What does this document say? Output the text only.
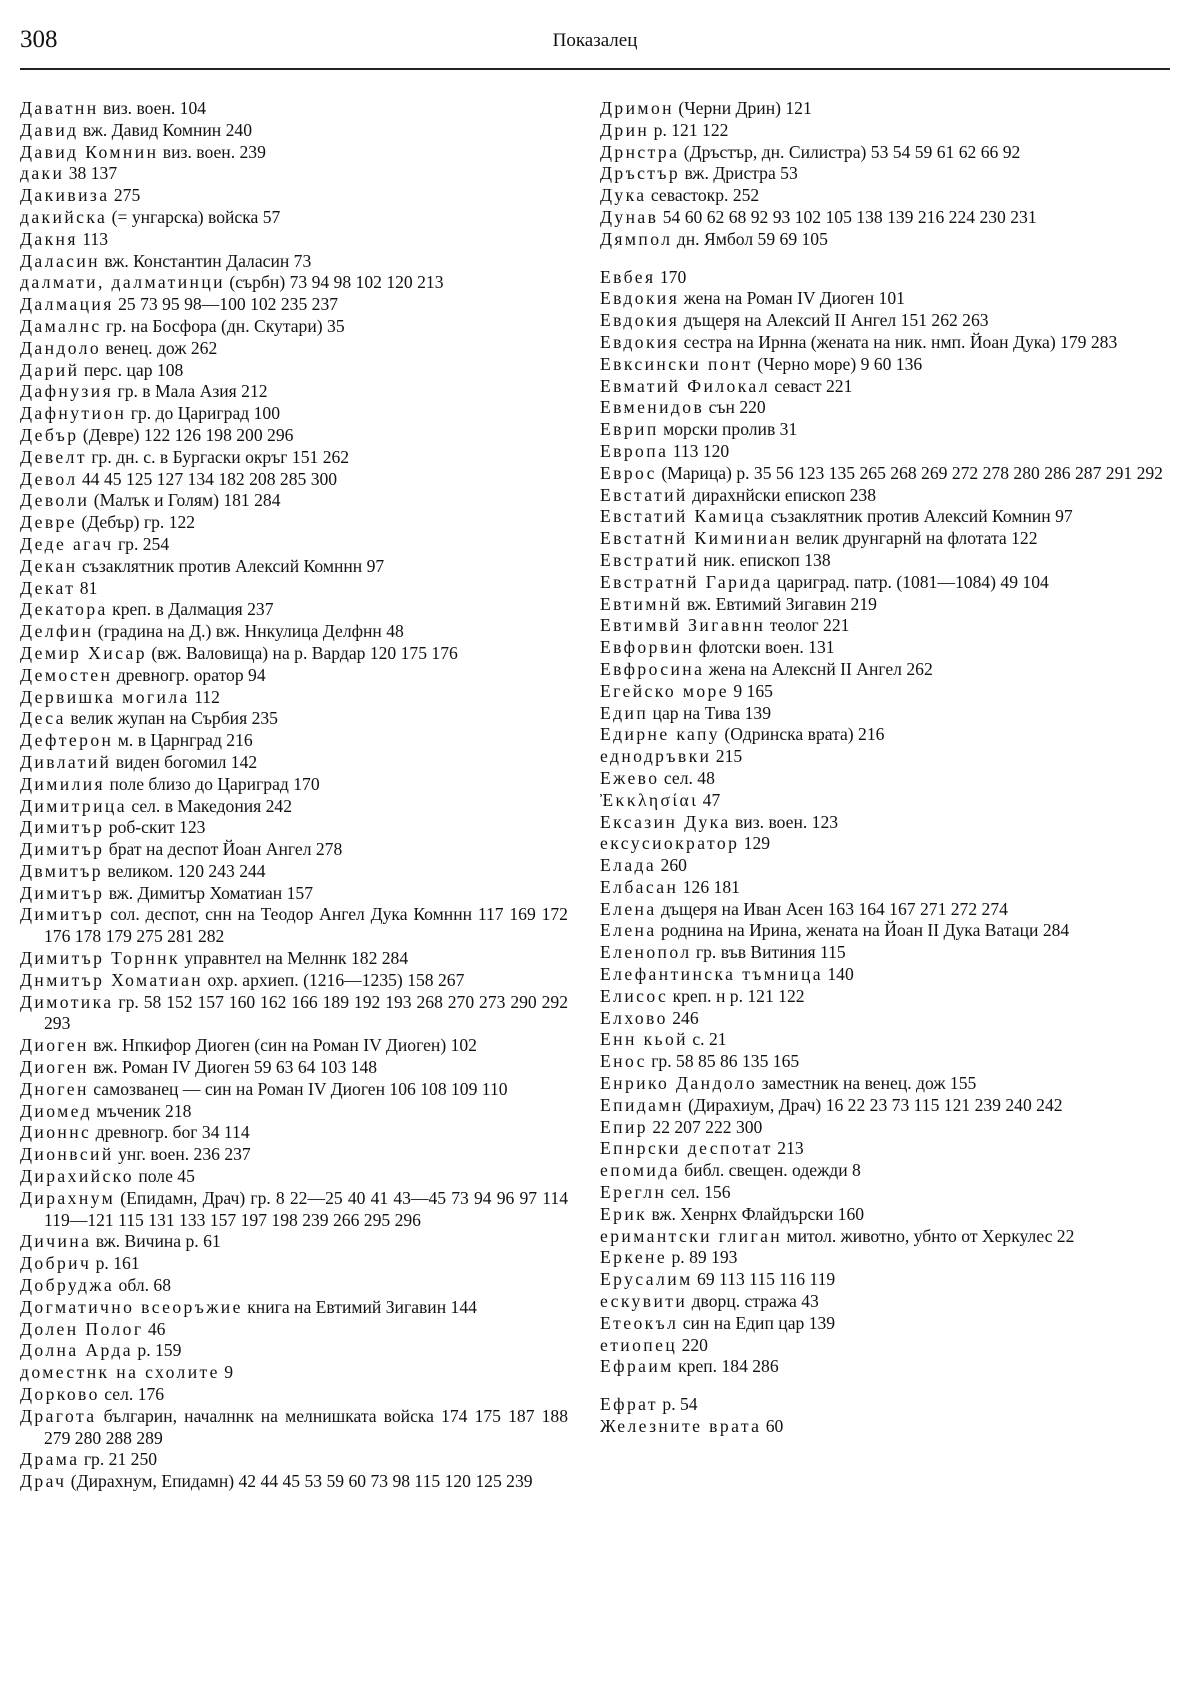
308	Показалец

Даватнн виз. воен. 104

Давид вж. Давид Комнин 240

Давид Комнин виз. воен. 239

даки 38 137

Дакивиза 275

дакийска (= унгарска) войска 57

Дакня 113

Даласин вж. Константин Даласин 73

далмати, далматинци (сърбн) 73 94 98 102 120 213

Далмация 25 73 95 98—100 102 235 237

Дамалнс гр. на Босфора (дн. Скутари) 35

Дандоло венец. дож 262

Дарий перс. цар 108

Дафнузия гр. в Мала Азия 212

Дафнутион гр. до Цариград 100

Дебър (Девре) 122 126 198 200 296

Девелт гр. дн. с. в Бургаски окръг 151 262

Девол 44 45 125 127 134 182 208 285 300

Деволи (Малък и Голям) 181 284

Девре (Дебър) гр. 122

Деде агач гр. 254

Декан съзаклятник против Алексий Комннн 97

Декат 81

Декатора креп. в Далмация 237

Делфин (градина на Д.) вж. Ннкулица Делфнн 48

Демир Хисар (вж. Валовища) на р. Вардар 120 175 176

Демостен древногр. оратор 94

Дервишка могила 112

Деса велик жупан на Сърбия 235

Дефтерон м. в Царнград 216

Дивлатий виден богомил 142

Димилия поле близо до Цариград 170

Димитрица сел. в Македония 242

Димитър роб-скит 123

Димитър брат на деспот Йоан Ангел 278

Двмитър великом. 120 243 244

Димитър вж. Димитър Хоматиан 157

Димитър сол. деспот, снн на Теодор Ангел Дука Комннн 117 169 172 176 178 179 275 281 282

Димитър Торннк управнтел на Мелннк 182 284

Днмитър Хоматиан охр. архиеп. (1216—1235) 158 267

Димотика гр. 58 152 157 160 162 166 189 192 193 268 270 273 290 292 293

Диоген вж. Нпкифор Диоген (син на Роман IV Диоген) 102

Диоген вж. Роман IV Диоген 59 63 64 103 148

Дноген самозванец — син на Роман IV Диоген 106 108 109 110

Диомед мъченик 218

Дионнс древногр. бог 34 114

Дионвсий унг. воен. 236 237

Дирахийско поле 45

Дирахнум (Епидамн, Драч) гр. 8 22—25 40 41 43—45 73 94 96 97 114 119—121 115 131 133 157 197 198 239 266 295 296

Дичина вж. Вичина р. 61

Добрич р. 161

Добруджа обл. 68

Догматично всеоръжие книга на Евтимий Зигавин 144

Долен Полог 46

Долна Арда р. 159

доместнк на схолите 9

Дорково сел. 176

Драгота българин, началннк на мелнишката войска 174 175 187 188 279 280 288 289

Драма гр. 21 250

Драч (Дирахнум, Епидамн) 42 44 45 53 59 60 73 98 115 120 125 239

Дримон (Черни Дрин) 121

Дрин р. 121 122

Дрнстра (Дръстър, дн. Силистра) 53 54 59 61 62 66 92

Дръстър вж. Дристра 53

Дука севастокр. 252

Дунав 54 60 62 68 92 93 102 105 138 139 216 224 230 231

Дямпол дн. Ямбол 59 69 105

Евбея 170

Евдокия жена на Роман IV Диоген 101

Евдокия дъщеря на Алексий II Ангел 151 262 263

Евдокия сестра на Ирнна (жената на ник. нмп. Йоан Дука) 179 283

Евксински понт (Черно море) 9 60 136

Евматий Филокал севаст 221

Евменидов сън 220

Еврип морски пролив 31

Европа 113 120

Еврос (Марица) р. 35 56 123 135 265 268 269 272 278 280 286 287 291 292

Евстатий дирахнйски епископ 238

Евстатий Камица съзаклятник против Алексий Комнин 97

Евстатнй Киминиан велик друнгарнй на флотата 122

Евстратий ник. епископ 138

Евстратнй Гарида цариград. патр. (1081—1084) 49 104

Евтимнй вж. Евтимий Зигавин 219

Евтимвй Зигавнн теолог 221

Евфорвин флотски воен. 131

Евфросина жена на Алекснй II Ангел 262

Егейско море 9 165

Едип цар на Тива 139

Едирне капу (Одринска врата) 216

еднодръвки 215

Ежево сел. 48

Ἐκκλησίαι 47

Ексазин Дука виз. воен. 123

ексусиократор 129

Елада 260

Елбасан 126 181

Елена дъщеря на Иван Асен 163 164 167 271 272 274

Елена роднина на Ирина, жената на Йоан II Дука Ватаци 284

Еленопол гр. във Витиния 115

Елефантинска тъмница 140

Елисос креп. н р. 121 122

Елхово 246

Енн кьой с. 21

Енос гр. 58 85 86 135 165

Енрико Дандоло заместник на венец. дож 155

Епидамн (Дирахиум, Драч) 16 22 23 73 115 121 239 240 242

Епир 22 207 222 300

Епнрски деспотат 213

епомида библ. свещен. одежди 8

Ереглн сел. 156

Ерик вж. Хенрнх Флайдърски 160

еримантски глиган митол. животно, убнто от Херкулес 22

Еркене р. 89 193

Ерусалим 69 113 115 116 119

ескувити дворц. стража 43

Етеокъл син на Едип цар 139

етиопец 220

Ефраим креп. 184 286

Ефрат р. 54

Железните врата 60
